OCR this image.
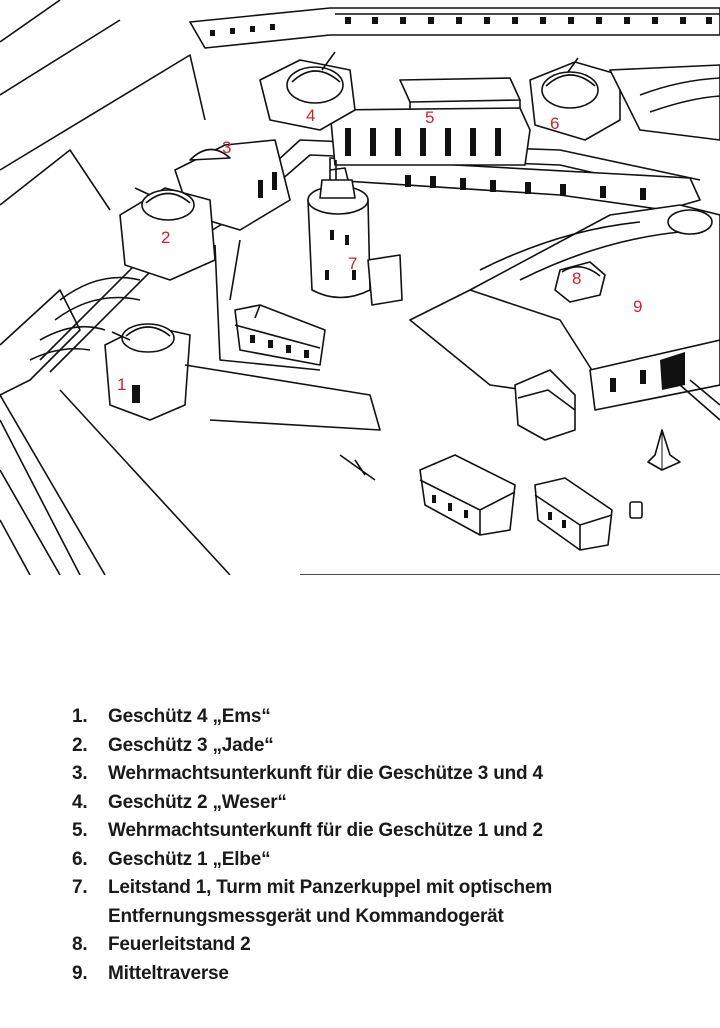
1
2
3
4	5	6
7
8
9
1. Geschütz 4 „Ems“
2. Geschütz 3 „Jade“
3. Wehrmachtsunterkunft für die Geschütze 3 und 4
4. Geschütz 2 „Weser“
5. Wehrmachtsunterkunft für die Geschütze 1 und 2
6. Geschütz 1 „Elbe“
7. Leitstand 1, Turm mit Panzerkuppel mit optischem Entfernungsmessgerät und Kommandogerät
8. Feuerleitstand 2
9. Mitteltraverse
